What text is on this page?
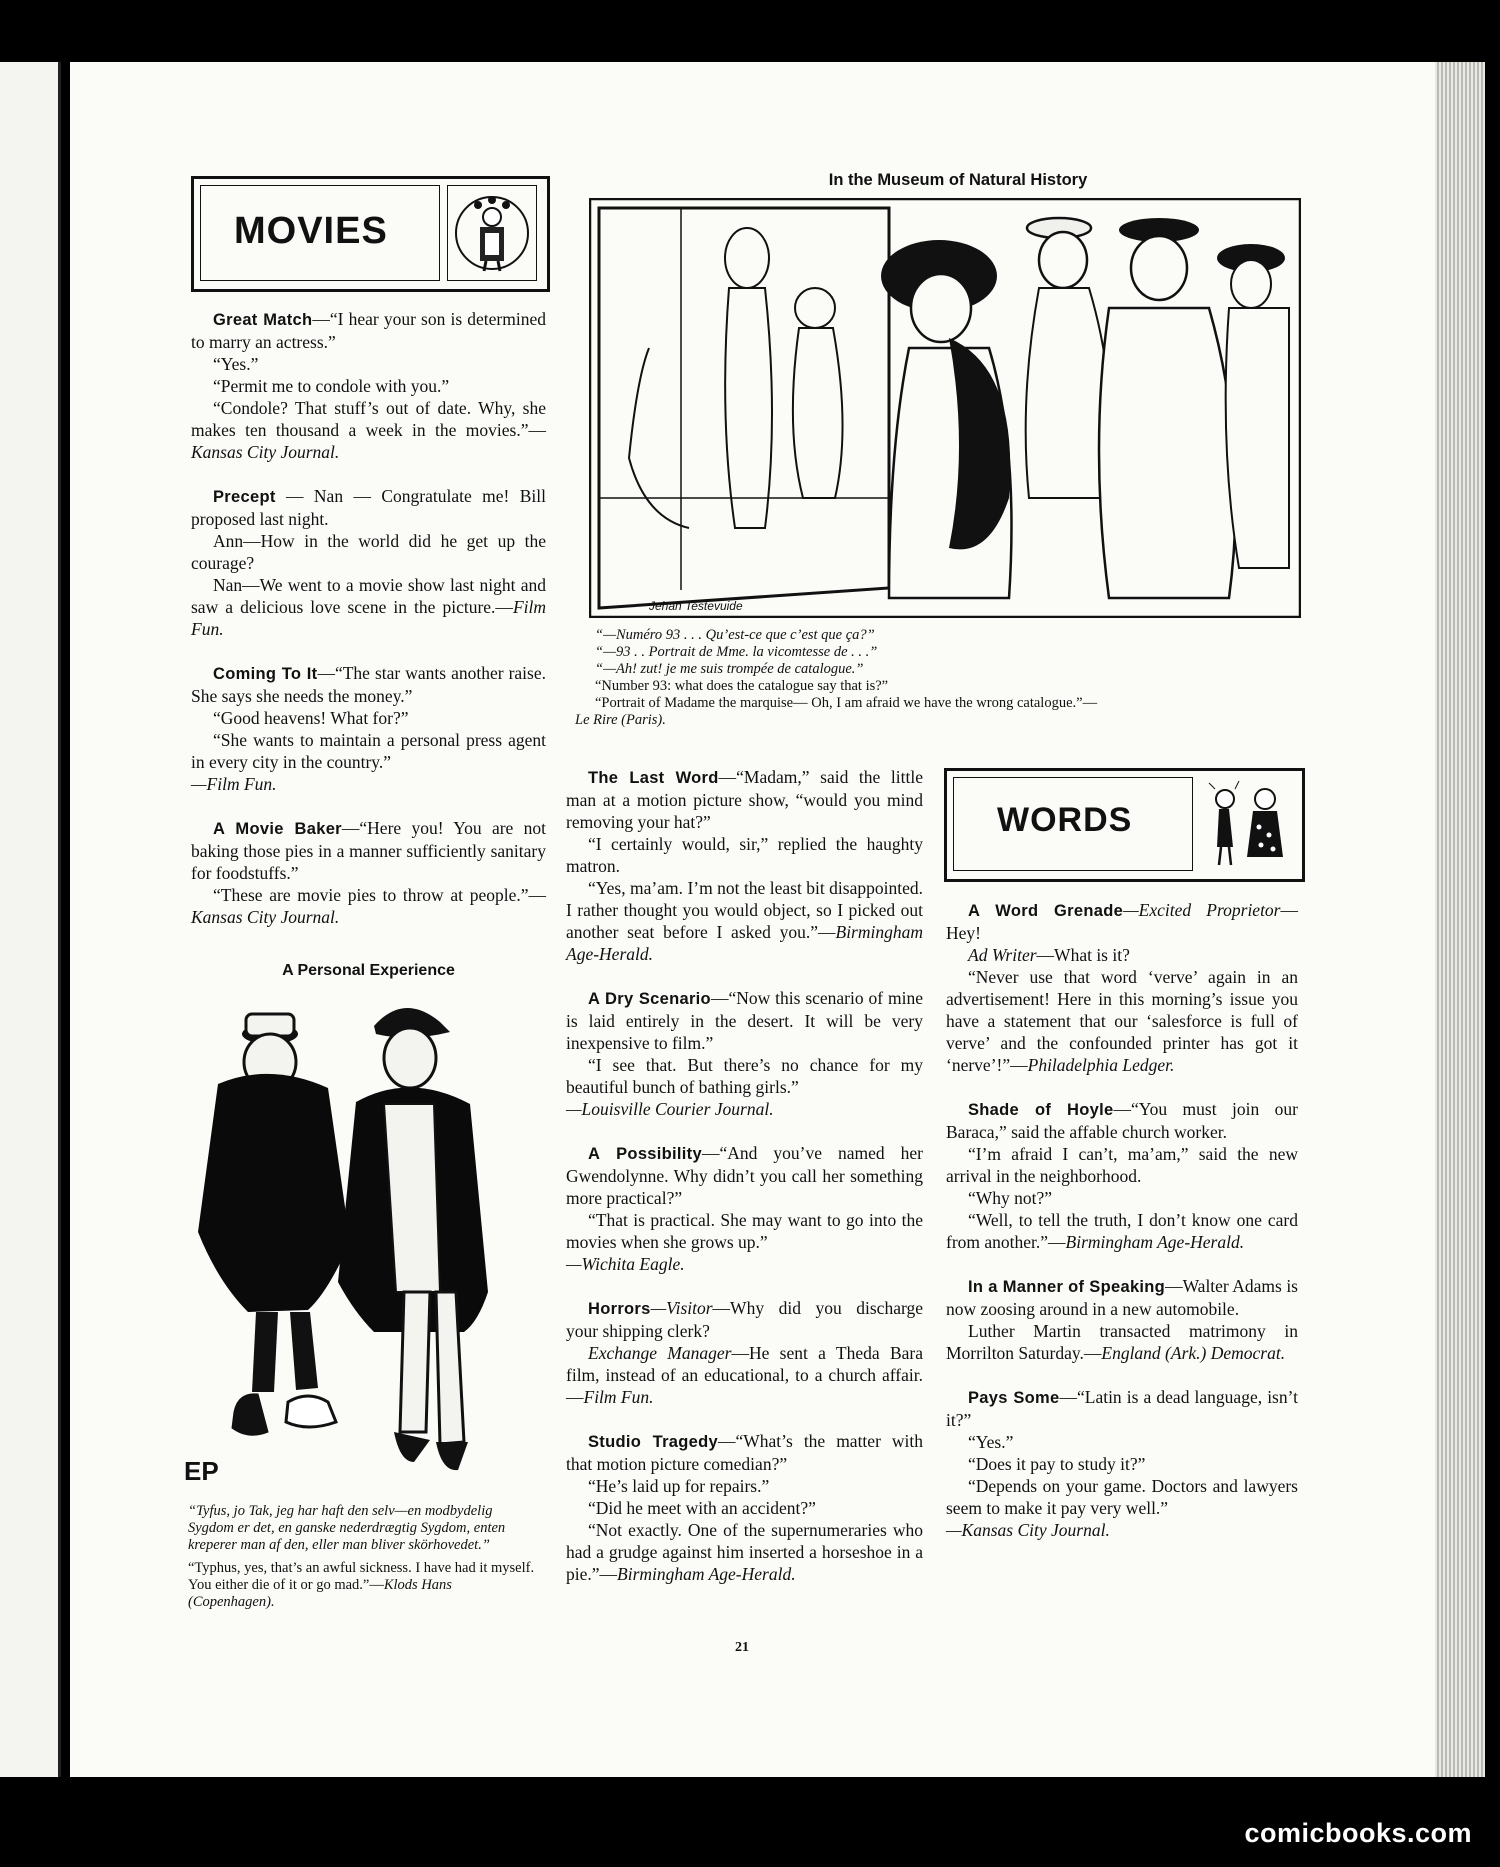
MOVIES

Great Match—“I hear your son is determined to marry an actress.”

“Yes.”

“Permit me to condole with you.”

“Condole? That stuff’s out of date. Why, she makes ten thousand a week in the movies.”—Kansas City Journal.

Precept — Nan — Congratulate me! Bill proposed last night.

Ann—How in the world did he get up the courage?

Nan—We went to a movie show last night and saw a delicious love scene in the picture.—Film Fun.

Coming To It—“The star wants another raise. She says she needs the money.”

“Good heavens! What for?”

“She wants to maintain a personal press agent in every city in the country.”

—Film Fun.

A Movie Baker—“Here you! You are not baking those pies in a manner sufficiently sanitary for foodstuffs.”

“These are movie pies to throw at people.”—Kansas City Journal.

A Personal Experience
EP
“Tyfus, jo Tak, jeg har haft den selv—en modbydelig Sygdom er det, en ganske nederdrægtig Sygdom, enten kreperer man af den, eller man bliver skörhovedet.”
“Typhus, yes, that’s an awful sickness. I have had it myself. You either die of it or go mad.”—Klods Hans (Copenhagen).
In the Museum of Natural History
Jehan Testevuide
“—Numéro 93 . . . Qu’est-ce que c’est que ça?”
“—93 . . Portrait de Mme. la vicomtesse de . . .”
“—Ah! zut! je me suis trompée de catalogue.”
“Number 93: what does the catalogue say that is?”
“Portrait of Madame the marquise— Oh, I am afraid we have the wrong catalogue.”—
Le Rire (Paris).

The Last Word—“Madam,” said the little man at a motion picture show, “would you mind removing your hat?”

“I certainly would, sir,” replied the haughty matron.

“Yes, ma’am. I’m not the least bit disappointed. I rather thought you would object, so I picked out another seat before I asked you.”—Birmingham Age-Herald.

A Dry Scenario—“Now this scenario of mine is laid entirely in the desert. It will be very inexpensive to film.”

“I see that. But there’s no chance for my beautiful bunch of bathing girls.”

—Louisville Courier Journal.

A Possibility—“And you’ve named her Gwendolynne. Why didn’t you call her something more practical?”

“That is practical. She may want to go into the movies when she grows up.”

—Wichita Eagle.

Horrors—Visitor—Why did you discharge your shipping clerk?

Exchange Manager—He sent a Theda Bara film, instead of an educational, to a church affair.—Film Fun.

Studio Tragedy—“What’s the matter with that motion picture comedian?”

“He’s laid up for repairs.”

“Did he meet with an accident?”

“Not exactly. One of the supernumeraries who had a grudge against him inserted a horseshoe in a pie.”—Birmingham Age-Herald.

WORDS

A Word Grenade—Excited Proprietor—Hey!

Ad Writer—What is it?

“Never use that word ‘verve’ again in an advertisement! Here in this morning’s issue you have a statement that our ‘salesforce is full of verve’ and the confounded printer has got it ‘nerve’!”—Philadelphia Ledger.

Shade of Hoyle—“You must join our Baraca,” said the affable church worker.

“I’m afraid I can’t, ma’am,” said the new arrival in the neighborhood.

“Why not?”

“Well, to tell the truth, I don’t know one card from another.”—Birmingham Age-Herald.

In a Manner of Speaking—Walter Adams is now zoosing around in a new automobile.

Luther Martin transacted matrimony in Morrilton Saturday.—England (Ark.) Democrat.

Pays Some—“Latin is a dead language, isn’t it?”

“Yes.”

“Does it pay to study it?”

“Depends on your game. Doctors and lawyers seem to make it pay very well.”

—Kansas City Journal.

21
comicbooks.com
